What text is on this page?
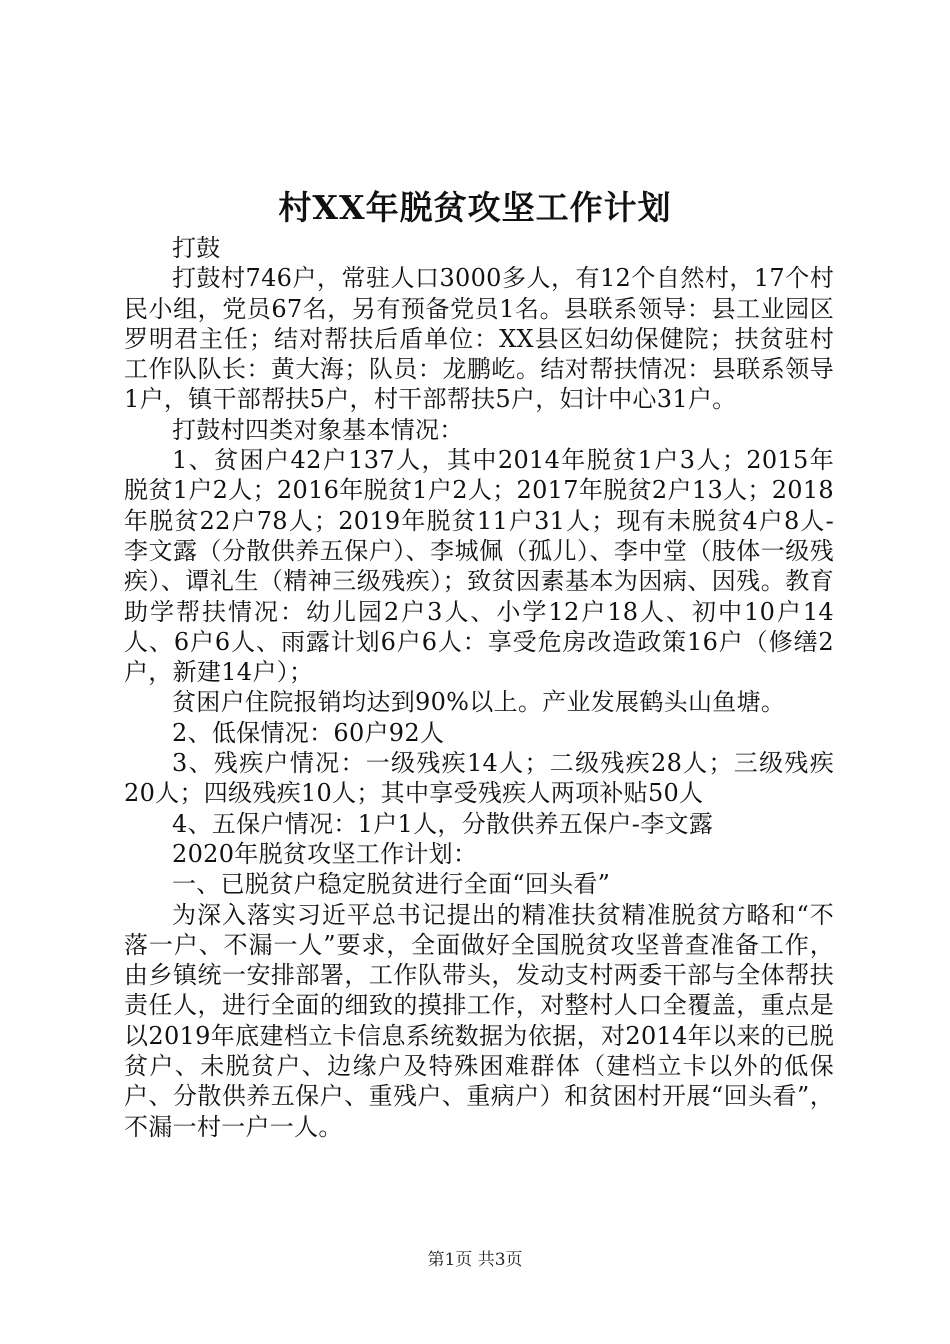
村XX年脱贫攻坚工作计划

打鼓

打鼓村746户，常驻人口3000多人，有12个自然村，17个村民小组，党员67名，另有预备党员1名。县联系领导：县工业园区罗明君主任；结对帮扶后盾单位：XX县区妇幼保健院；扶贫驻村工作队队长：黄大海；队员：龙鹏屹。结对帮扶情况：县联系领导1户，镇干部帮扶5户，村干部帮扶5户，妇计中心31户。

打鼓村四类对象基本情况：

1、贫困户42户137人，其中2014年脱贫1户3人；2015年脱贫1户2人；2016年脱贫1户2人；2017年脱贫2户13人；2018年脱贫22户78人；2019年脱贫11户31人；现有未脱贫4户8人-李文露（分散供养五保户）、李城佩（孤儿）、李中堂（肢体一级残疾）、谭礼生（精神三级残疾）；致贫因素基本为因病、因残。教育助学帮扶情况：幼儿园2户3人、小学12户18人、初中10户14人、6户6人、雨露计划6户6人：享受危房改造政策16户（修缮2户，新建14户）；

贫困户住院报销均达到90%以上。产业发展鹤头山鱼塘。

2、低保情况：60户92人

3、残疾户情况：一级残疾14人；二级残疾28人；三级残疾20人；四级残疾10人；其中享受残疾人两项补贴50人

4、五保户情况：1户1人，分散供养五保户-李文露

2020年脱贫攻坚工作计划：

一、已脱贫户稳定脱贫进行全面“回头看”

为深入落实习近平总书记提出的精准扶贫精准脱贫方略和“不落一户、不漏一人”要求，全面做好全国脱贫攻坚普查准备工作，由乡镇统一安排部署，工作队带头，发动支村两委干部与全体帮扶责任人，进行全面的细致的摸排工作，对整村人口全覆盖，重点是以2019年底建档立卡信息系统数据为依据，对2014年以来的已脱贫户、未脱贫户、边缘户及特殊困难群体（建档立卡以外的低保户、分散供养五保户、重残户、重病户）和贫困村开展“回头看”，不漏一村一户一人。

第1页 共3页
